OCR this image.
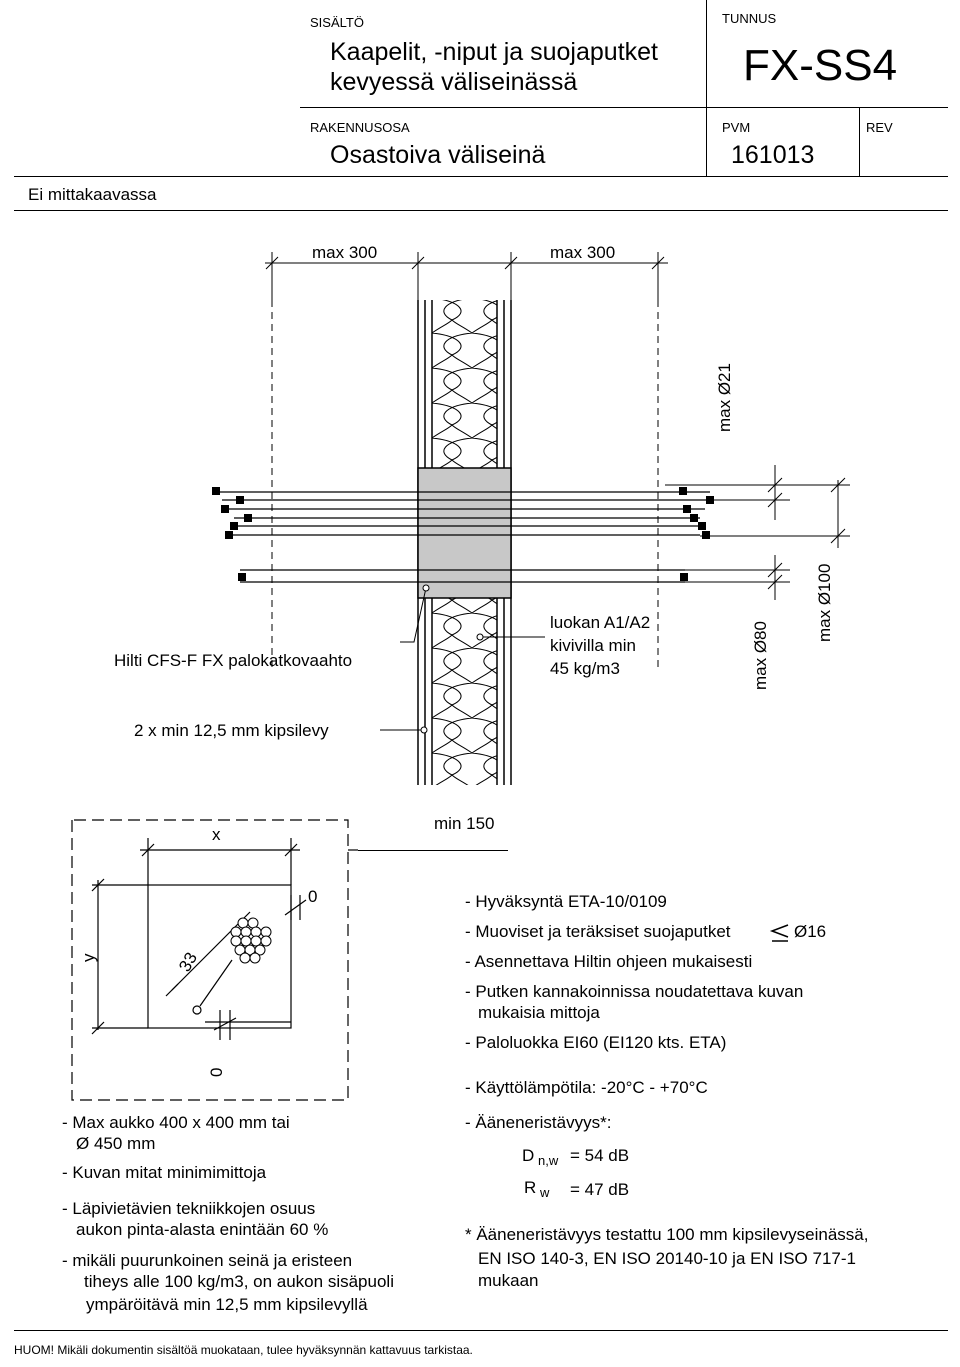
SISÄLTÖ
Kaapelit, -niput ja suojaputket
kevyessä väliseinässä
TUNNUS
FX-SS4
RAKENNUSOSA
Osastoiva väliseinä
PVM
161013
REV
Ei mittakaavassa
max 300	max 300
max Ø21
max Ø80
max Ø100
Hilti CFS-F FX palokatkovaahto
luokan A1/A2
kivivilla min
45 kg/m3
2 x min 12,5 mm kipsilevy
x
min 150
y	33
0
0
- Hyväksyntä ETA-10/0109
- Muoviset ja teräksiset suojaputket	Ø16
- Asennettava Hiltin ohjeen mukaisesti
- Putken kannakoinnissa noudatettava kuvan
mukaisia mittoja
- Paloluokka EI60 (EI120 kts. ETA)
- Käyttölämpötila: -20°C - +70°C
- Ääneneristävyys*:
D n,w = 54 dB
R w = 47 dB
* Ääneneristävyys testattu 100 mm kipsilevyseinässä,
EN ISO 140-3, EN ISO 20140-10 ja EN ISO 717-1
mukaan
- Max aukko 400 x 400 mm tai
Ø 450 mm
- Kuvan mitat minimimittoja
- Läpivietävien tekniikkojen osuus
aukon pinta-alasta enintään 60 %
- mikäli puurunkoinen seinä ja eristeen
tiheys alle 100 kg/m3, on aukon sisäpuoli
ympäröitävä min 12,5 mm kipsilevyllä
HUOM! Mikäli dokumentin sisältöä muokataan, tulee hyväksynnän kattavuus tarkistaa.
